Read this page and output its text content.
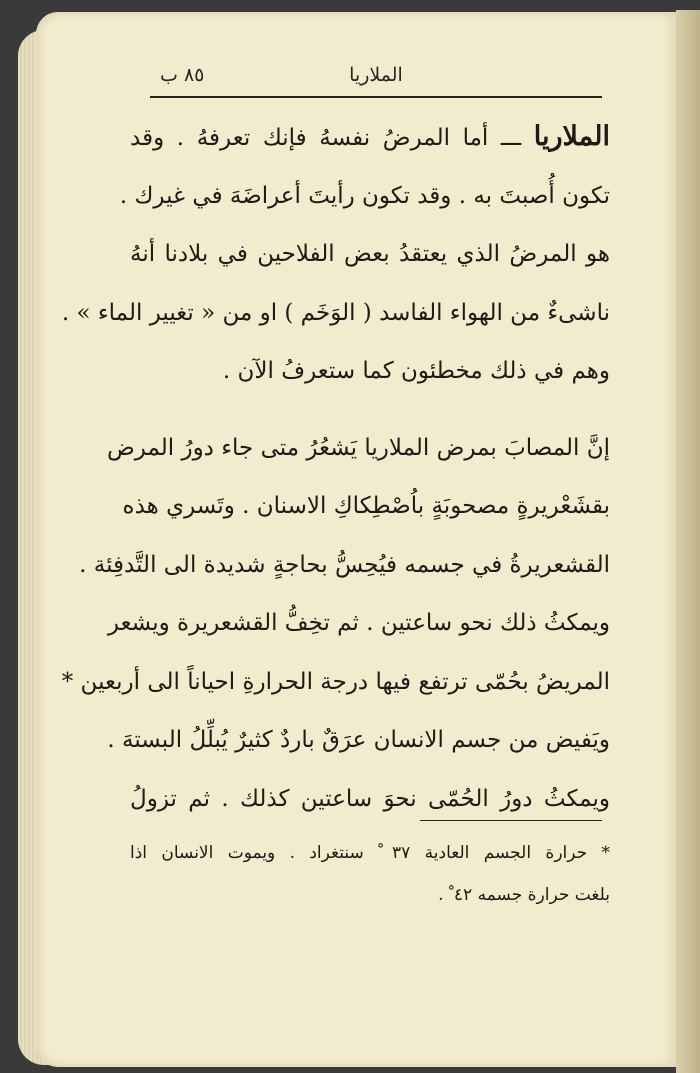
الملاريا
٨٥ ب
الملاريا ـــ أما المرضُ نفسهُ فإنك تعرفهُ . وقد
تكون أُصبتَ به . وقد تكون رأيتَ أعراضَهَ في غيرك .
هو المرضُ الذي يعتقدُ بعض الفلاحين في بلادنا أنهُ
ناشىءٌ من الهواء الفاسد ( الوَخَم ) او من « تغيير الماء » .
وهم في ذلك مخطئون كما ستعرفُ الآن .
إنَّ المصابَ بمرض الملاريا يَشعُرُ متى جاء دورُ المرض
بقشَعْريرةٍ مصحوبَةٍ باُصْطِكاكِ الاسنان . وتَسري هذه
القشعريرةُ في جسمه فيُحِسُّ بحاجةٍ شديدة الى التَّدفِئة .
ويمكثُ ذلك نحو ساعتين . ثم تخِفُّ القشعريرة ويشعر
المريضُ بحُمّى ترتفع فيها درجة الحرارةِ احياناً الى أربعين *
ويَفيض من جسم الانسان عرَقٌ باردٌ كثيرٌ يُبلِّلُ البستهَ .
ويمكثُ دورُ الحُمّى نحوَ ساعتين كذلك . ثم تزولُ
* حرارة الجسم العادية ٣٧ ْ سنتغراد . ويموت الانسان اذا
بلغت حرارة جسمه ٤٢ ْ .
